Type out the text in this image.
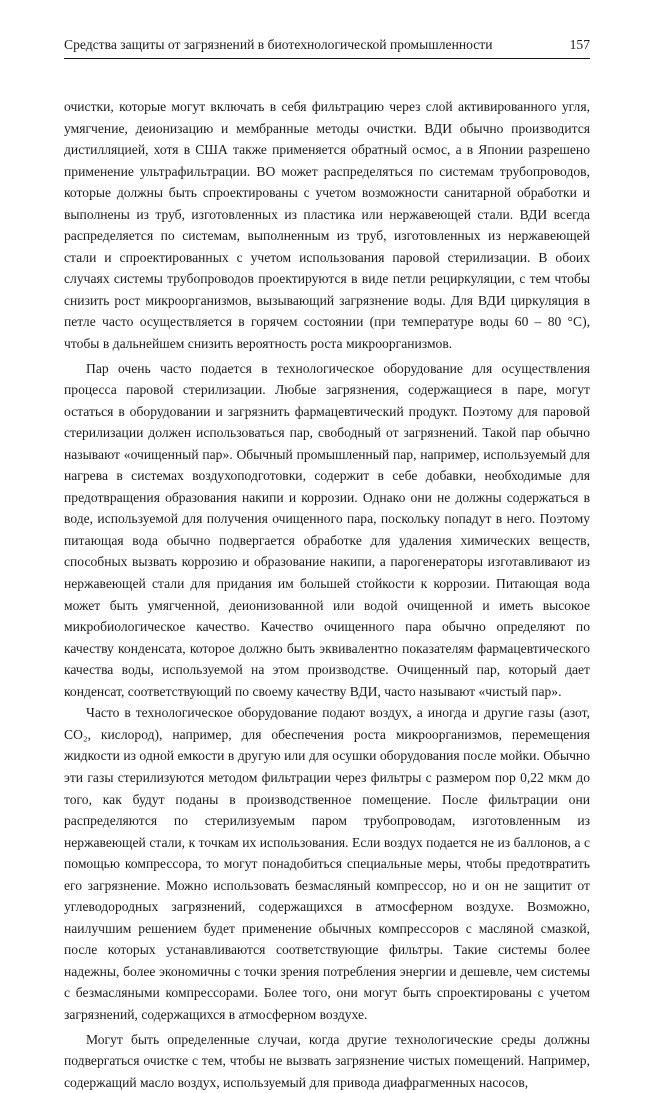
Средства защиты от загрязнений в биотехнологической промышленности	157

очистки, которые могут включать в себя фильтрацию через слой активированного угля, умягчение, деионизацию и мембранные методы очистки. ВДИ обычно производится дистилляцией, хотя в США также применяется обратный осмос, а в Японии разрешено применение ультрафильтрации. ВО может распределяться по системам трубопроводов, которые должны быть спроектированы с учетом возможности санитарной обработки и выполнены из труб, изготовленных из пластика или нержавеющей стали. ВДИ всегда распределяется по системам, выполненным из труб, изготовленных из нержавеющей стали и спроектированных с учетом использования паровой стерилизации. В обоих случаях системы трубопроводов проектируются в виде петли рециркуляции, с тем чтобы снизить рост микроорганизмов, вызывающий загрязнение воды. Для ВДИ циркуляция в петле часто осуществляется в горячем состоянии (при температуре воды 60 – 80 °С), чтобы в дальнейшем снизить вероятность роста микроорганизмов.

Пар очень часто подается в технологическое оборудование для осуществления процесса паровой стерилизации. Любые загрязнения, содержащиеся в паре, могут остаться в оборудовании и загрязнить фармацевтический продукт. Поэтому для паровой стерилизации должен использоваться пар, свободный от загрязнений. Такой пар обычно называют «очищенный пар». Обычный промышленный пар, например, используемый для нагрева в системах воздухоподготовки, содержит в себе добавки, необходимые для предотвращения образования накипи и коррозии. Однако они не должны содержаться в воде, используемой для получения очищенного пара, поскольку попадут в него. Поэтому питающая вода обычно подвергается обработке для удаления химических веществ, способных вызвать коррозию и образование накипи, а парогенераторы изготавливают из нержавеющей стали для придания им большей стойкости к коррозии. Питающая вода может быть умягченной, деионизованной или водой очищенной и иметь высокое микробиологическое качество. Качество очищенного пара обычно определяют по качеству конденсата, которое должно быть эквивалентно показателям фармацевтического качества воды, используемой на этом производстве. Очищенный пар, который дает конденсат, соответствующий по своему качеству ВДИ, часто называют «чистый пар».

Часто в технологическое оборудование подают воздух, а иногда и другие газы (азот, CO₂, кислород), например, для обеспечения роста микроорганизмов, перемещения жидкости из одной емкости в другую или для осушки оборудования после мойки. Обычно эти газы стерилизуются методом фильтрации через фильтры с размером пор 0,22 мкм до того, как будут поданы в производственное помещение. После фильтрации они распределяются по стерилизуемым паром трубопроводам, изготовленным из нержавеющей стали, к точкам их использования. Если воздух подается не из баллонов, а с помощью компрессора, то могут понадобиться специальные меры, чтобы предотвратить его загрязнение. Можно использовать безмасляный компрессор, но и он не защитит от углеводородных загрязнений, содержащихся в атмосферном воздухе. Возможно, наилучшим решением будет применение обычных компрессоров с масляной смазкой, после которых устанавливаются соответствующие фильтры. Такие системы более надежны, более экономичны с точки зрения потребления энергии и дешевле, чем системы с безмасляными компрессорами. Более того, они могут быть спроектированы с учетом загрязнений, содержащихся в атмосферном воздухе.

Могут быть определенные случаи, когда другие технологические среды должны подвергаться очистке с тем, чтобы не вызвать загрязнение чистых помещений. Например, содержащий масло воздух, используемый для привода диафрагменных насосов,
